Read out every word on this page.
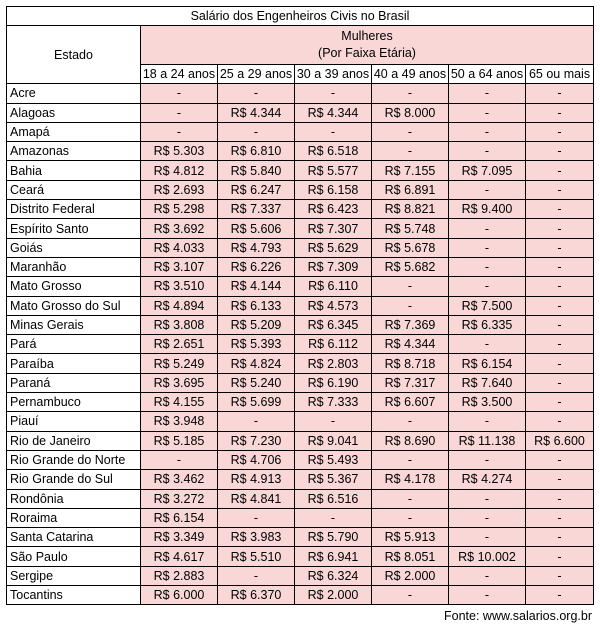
Salário dos Engenheiros Civis no Brasil						
Estado	Mulheres
(Por Faixa Etária)					

	18 a 24 anos	25 a 29 anos	30 a 39 anos	40 a 49 anos	50 a 64 anos	65 ou mais
Acre	-	-	-	-	-	-
Alagoas	-	R$ 4.344	R$ 4.344	R$ 8.000	-	-
Amapá	-	-	-	-	-	-
Amazonas	R$ 5.303	R$ 6.810	R$ 6.518	-	-	-
Bahia	R$ 4.812	R$ 5.840	R$ 5.577	R$ 7.155	R$ 7.095	-
Ceará	R$ 2.693	R$ 6.247	R$ 6.158	R$ 6.891	-	-
Distrito Federal	R$ 5.298	R$ 7.337	R$ 6.423	R$ 8.821	R$ 9.400	-
Espírito Santo	R$ 3.692	R$ 5.606	R$ 7.307	R$ 5.748	-	-
Goiás	R$ 4.033	R$ 4.793	R$ 5.629	R$ 5.678	-	-
Maranhão	R$ 3.107	R$ 6.226	R$ 7.309	R$ 5.682	-	-
Mato Grosso	R$ 3.510	R$ 4.144	R$ 6.110	-	-	-
Mato Grosso do Sul	R$ 4.894	R$ 6.133	R$ 4.573	-	R$ 7.500	-
Minas Gerais	R$ 3.808	R$ 5.209	R$ 6.345	R$ 7.369	R$ 6.335	-
Pará	R$ 2.651	R$ 5.393	R$ 6.112	R$ 4.344	-	-
Paraíba	R$ 5.249	R$ 4.824	R$ 2.803	R$ 8.718	R$ 6.154	-
Paraná	R$ 3.695	R$ 5.240	R$ 6.190	R$ 7.317	R$ 7.640	-
Pernambuco	R$ 4.155	R$ 5.699	R$ 7.333	R$ 6.607	R$ 3.500	-
Piauí	R$ 3.948	-	-	-	-	-
Rio de Janeiro	R$ 5.185	R$ 7.230	R$ 9.041	R$ 8.690	R$ 11.138	R$ 6.600
Rio Grande do Norte	-	R$ 4.706	R$ 5.493	-	-	-
Rio Grande do Sul	R$ 3.462	R$ 4.913	R$ 5.367	R$ 4.178	R$ 4.274	-
Rondônia	R$ 3.272	R$ 4.841	R$ 6.516	-	-	-
Roraima	R$ 6.154	-	-	-	-	-
Santa Catarina	R$ 3.349	R$ 3.983	R$ 5.790	R$ 5.913	-	-
São Paulo	R$ 4.617	R$ 5.510	R$ 6.941	R$ 8.051	R$ 10.002	-
Sergipe	R$ 2.883	-	R$ 6.324	R$ 2.000	-	-
Tocantins	R$ 6.000	R$ 6.370	R$ 2.000	-	-	-
Fonte: www.salarios.org.br
